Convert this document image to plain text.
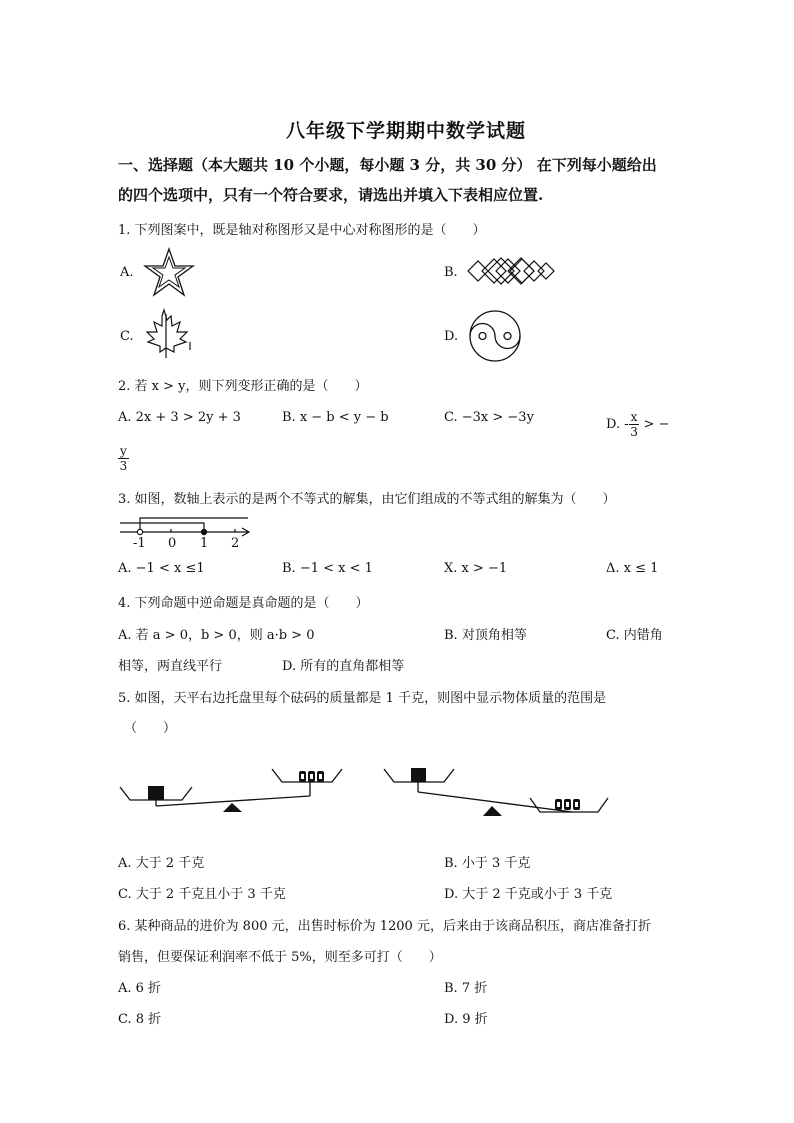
八年级下学期期中数学试题
一、选择题（本大题共 10 个小题，每小题 3 分，共 30 分） 在下列每小题给出
的四个选项中，只有一个符合要求，请选出并填入下表相应位置.
1. 下列图案中，既是轴对称图形又是中心对称图形的是（　　）
A.	B.
C.	D.
2. 若 x > y，则下列变形正确的是（　　）
A. 2x + 3 > 2y + 3	B. x − b < y − b	C. −3x > −3y	D. - $\frac{x}{3}$ > −
$\frac{y}{3}$
3. 如图，数轴上表示的是两个不等式的解集，由它们组成的不等式组的解集为（　　）
-1 0 1 2
A. −1 < x ≤1	B. −1 < x < 1	X. x > −1	Δ. x ≤ 1
4. 下列命题中逆命题是真命题的是（　　）
A. 若 a > 0，b > 0，则 a·b > 0	B. 对顶角相等	C. 内错角
相等，两直线平行	D. 所有的直角都相等
5. 如图，天平右边托盘里每个砝码的质量都是 1 千克，则图中显示物体质量的范围是
（　　）
A. 大于 2 千克	B. 小于 3 千克
C. 大于 2 千克且小于 3 千克	D. 大于 2 千克或小于 3 千克
6. 某种商品的进价为 800 元，出售时标价为 1200 元，后来由于该商品积压，商店准备打折
销售，但要保证利润率不低于 5%，则至多可打（　　）
A. 6 折	B. 7 折
C. 8 折	D. 9 折
